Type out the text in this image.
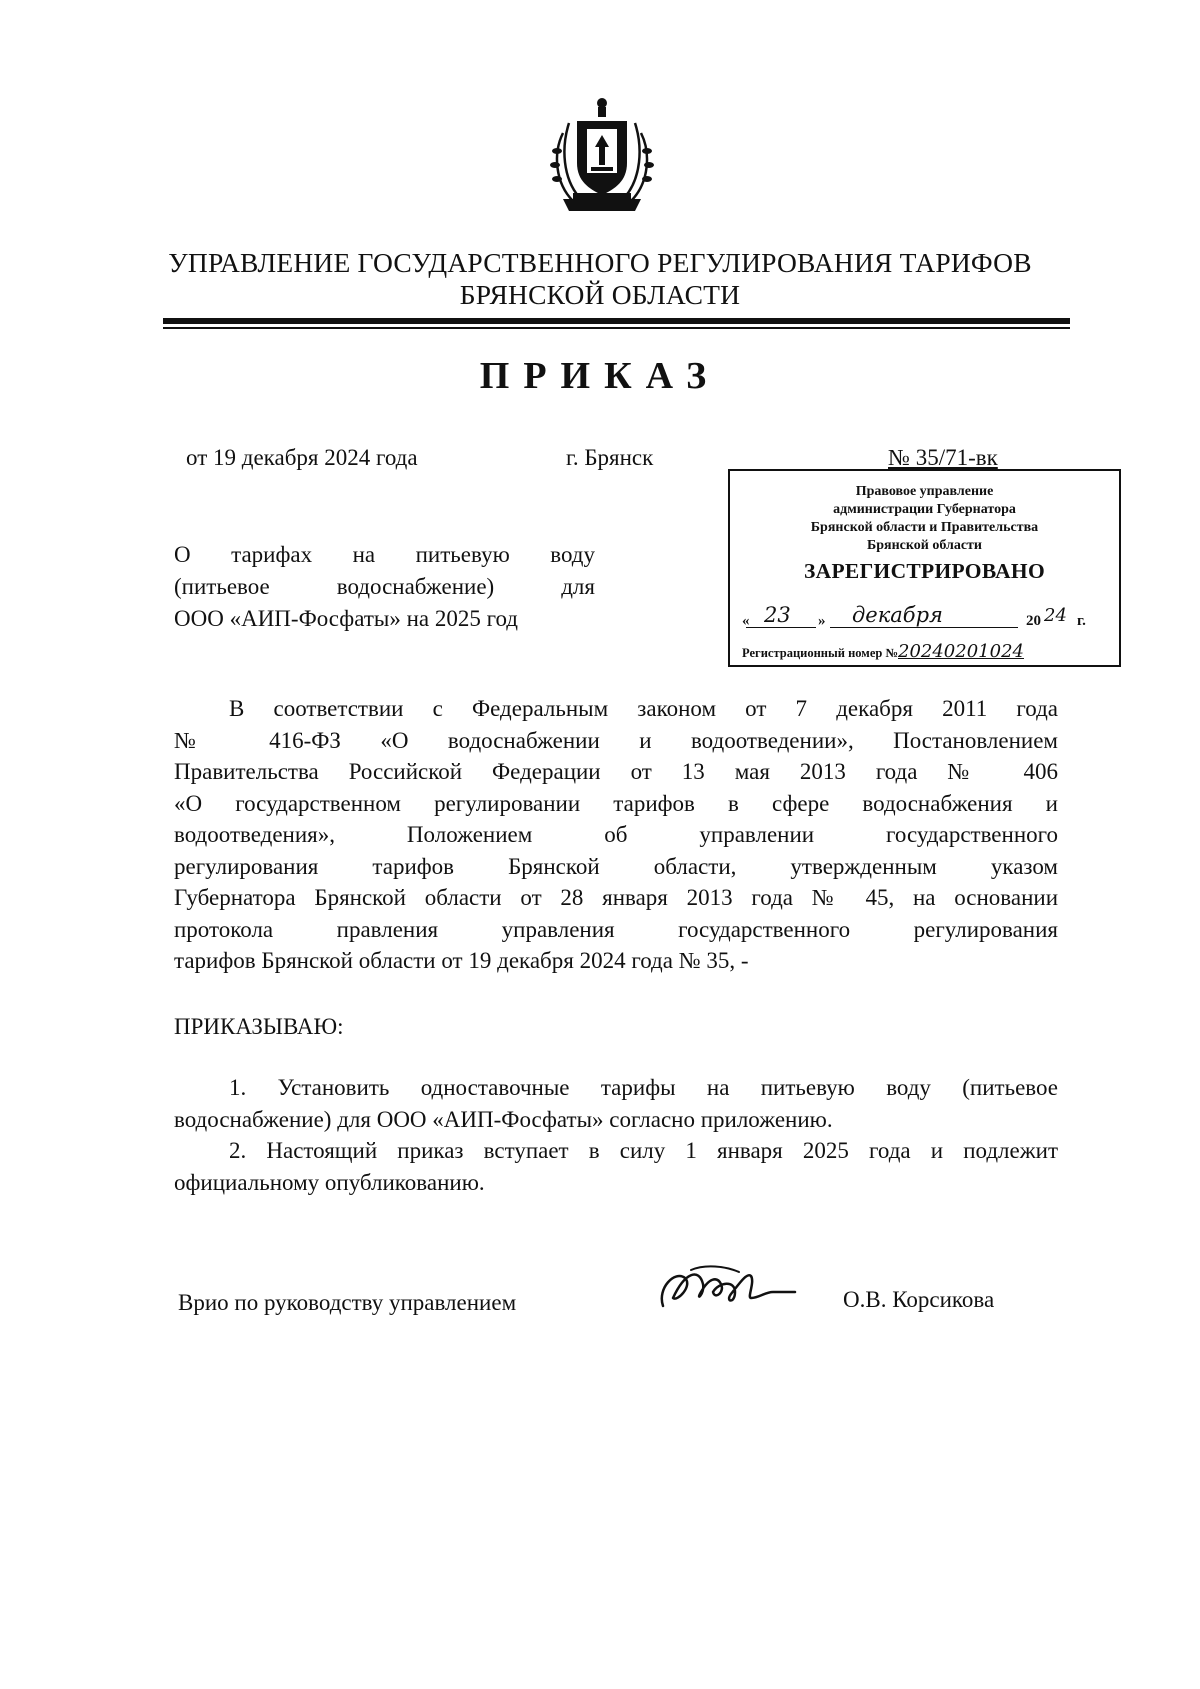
УПРАВЛЕНИЕ ГОСУДАРСТВЕННОГО РЕГУЛИРОВАНИЯ ТАРИФОВ
БРЯНСКОЙ ОБЛАСТИ
ПРИКАЗ
от 19 декабря 2024 года	г. Брянск	№ 35/71-вк
О тарифах на питьевую воду
(питьевое водоснабжение) для
ООО «АИП-Фосфаты» на 2025 год
Правовое управление
администрации Губернатора
Брянской области и Правительства
Брянской области
ЗАРЕГИСТРИРОВАНО
« 23 » декабря	20 24 г.
Регистрационный номер №20240201024
В соответствии с Федеральным законом от 7 декабря 2011 года
№ 416-ФЗ «О водоснабжении и водоотведении», Постановлением
Правительства Российской Федерации от 13 мая 2013 года № 406
«О государственном регулировании тарифов в сфере водоснабжения и
водоотведения», Положением об управлении государственного
регулирования тарифов Брянской области, утвержденным указом
Губернатора Брянской области от 28 января 2013 года № 45, на основании
протокола правления управления государственного регулирования
тарифов Брянской области от 19 декабря 2024 года № 35, -
ПРИКАЗЫВАЮ:
1. Установить одноставочные тарифы на питьевую воду (питьевое
водоснабжение) для ООО «АИП-Фосфаты» согласно приложению.
2. Настоящий приказ вступает в силу 1 января 2025 года и подлежит
официальному опубликованию.
Врио по руководству управлением	О.В. Корсикова
